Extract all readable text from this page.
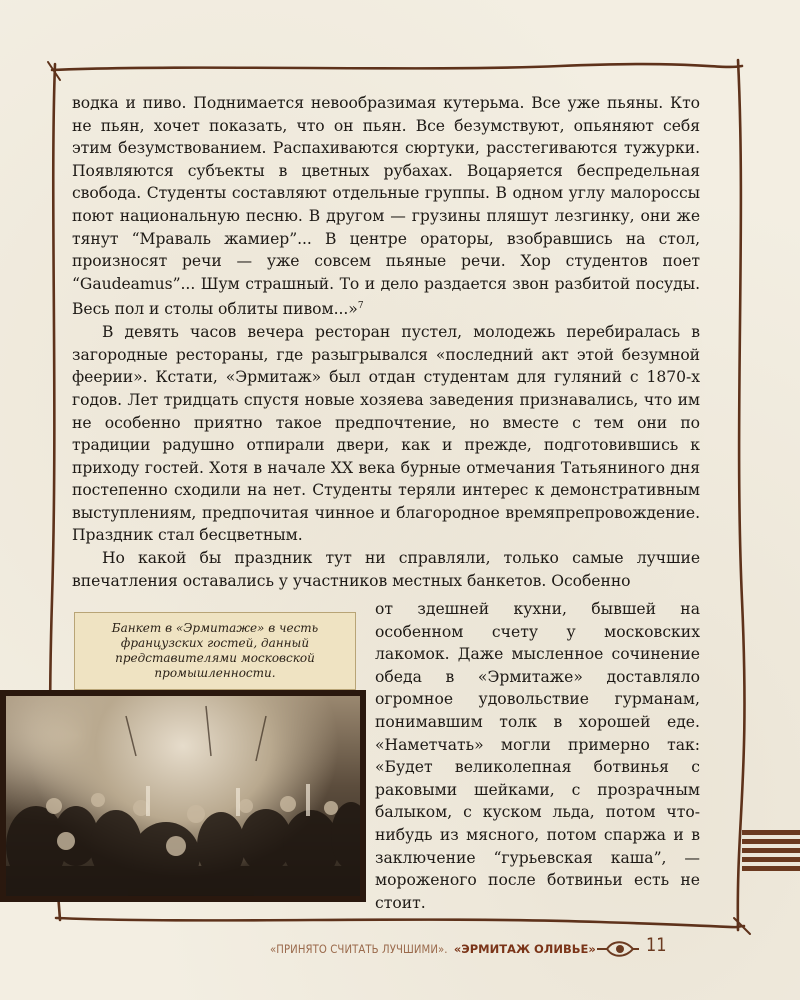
водка и пиво. Поднимается невообразимая кутерьма. Все уже пьяны. Кто не пьян, хочет показать, что он пьян. Все безумствуют, опьяняют себя этим безумствованием. Распахиваются сюртуки, расстегиваются тужурки. Появляются субъекты в цветных рубахах. Воцаряется беспредельная свобода. Студенты составляют отдельные группы. В одном углу малороссы поют национальную песню. В другом — грузины пляшут лезгинку, они же тянут “Мраваль жамиер”... В центре ораторы, взобравшись на стол, произносят речи — уже совсем пьяные речи. Хор студентов поет “Gaudeamus”... Шум страшный. То и дело раздается звон разбитой посуды. Весь пол и столы облиты пивом...»$^7$

В девять часов вечера ресторан пустел, молодежь перебиралась в загородные рестораны, где разыгрывался «последний акт этой безумной феерии». Кстати, «Эрмитаж» был отдан студентам для гуляний с 1870-х годов. Лет тридцать спустя новые хозяева заведения признавались, что им не особенно приятно такое предпочтение, но вместе с тем они по традиции радушно отпирали двери, как и прежде, подготовившись к приходу гостей. Хотя в начале XX века бурные отмечания Татьяниного дня постепенно сходили на нет. Студенты теряли интерес к демонстративным выступлениям, предпочитая чинное и благородное времяпрепровождение. Праздник стал бесцветным.

Но какой бы праздник тут ни справляли, только самые лучшие впечатления оставались у участников местных банкетов. Особенно

от здешней кухни, бывшей на особенном счету у московских лакомок. Даже мысленное сочинение обеда в «Эрмитаже» доставляло огромное удовольствие гурманам, понимавшим толк в хорошей еде. «Наметчать» могли примерно так: «Будет великолепная ботвинья с раковыми шейками, с прозрачным балыком, с куском льда, потом что-нибудь из мясного, потом спаржа и в заключение “гурьевская каша”, — мороженого после ботвиньи есть не стоит.

Банкет в «Эрмитаже» в честь французских гостей, данный представителями московской промышленности.
«ПРИНЯТО СЧИТАТЬ ЛУЧШИМИ». «ЭРМИТАЖ ОЛИВЬЕ»	11
